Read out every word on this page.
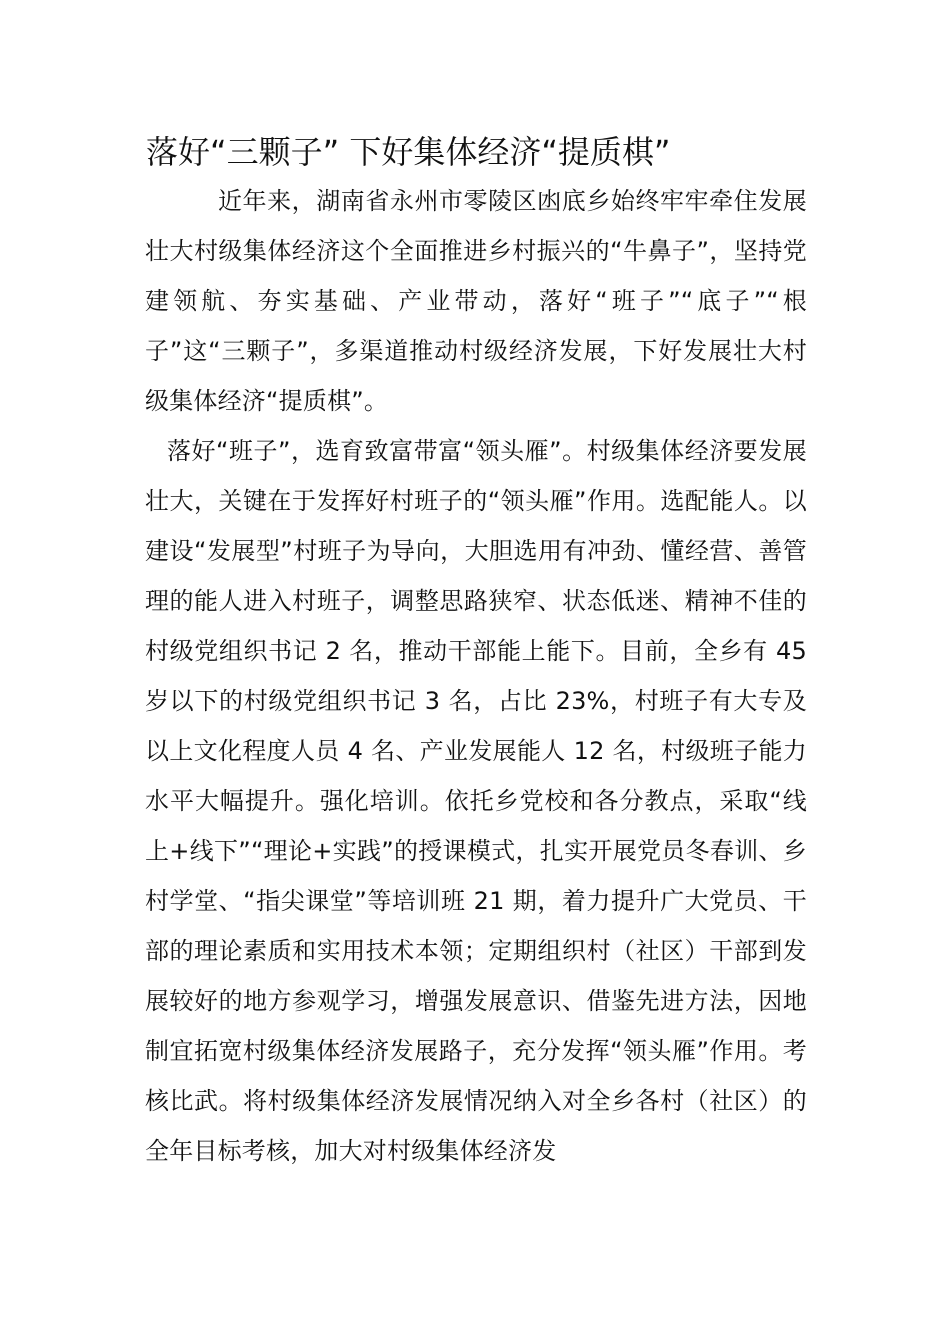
落好“三颗子” 下好集体经济“提质棋”

近年来，湖南省永州市零陵区凼底乡始终牢牢牵住发展壮大村级集体经济这个全面推进乡村振兴的“牛鼻子”，坚持党建领航、夯实基础、产业带动，落好“班子”“底子”“根子”这“三颗子”，多渠道推动村级经济发展，下好发展壮大村级集体经济“提质棋”。

落好“班子”，选育致富带富“领头雁”。村级集体经济要发展壮大，关键在于发挥好村班子的“领头雁”作用。选配能人。以建设“发展型”村班子为导向，大胆选用有冲劲、懂经营、善管理的能人进入村班子，调整思路狭窄、状态低迷、精神不佳的村级党组织书记 2 名，推动干部能上能下。目前，全乡有 45 岁以下的村级党组织书记 3 名，占比 23%，村班子有大专及以上文化程度人员 4 名、产业发展能人 12 名，村级班子能力水平大幅提升。强化培训。依托乡党校和各分教点，采取“线上+线下”“理论+实践”的授课模式，扎实开展党员冬春训、乡村学堂、“指尖课堂”等培训班 21 期，着力提升广大党员、干部的理论素质和实用技术本领；定期组织村（社区）干部到发展较好的地方参观学习，增强发展意识、借鉴先进方法，因地制宜拓宽村级集体经济发展路子，充分发挥“领头雁”作用。考核比武。将村级集体经济发展情况纳入对全乡各村（社区）的全年目标考核，加大对村级集体经济发
